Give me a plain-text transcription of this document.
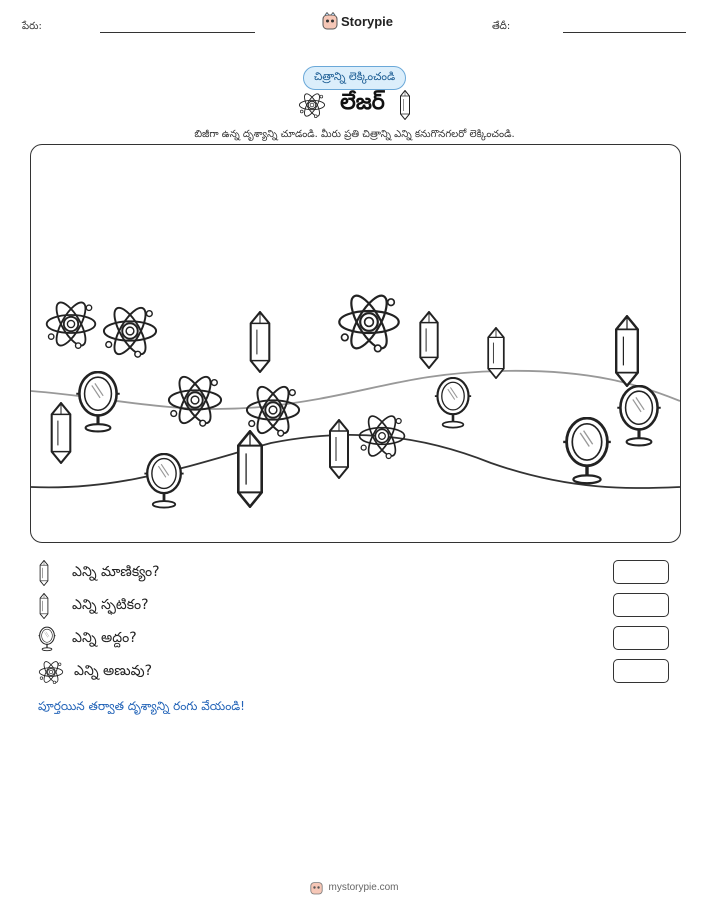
పేరు:	Storypie	తేదీ:
చిత్రాన్ని లెక్కించండి
లేజర్
బిజీగా ఉన్న దృశ్యాన్ని చూడండి. మీరు ప్రతి చిత్రాన్ని ఎన్ని కనుగొనగలరో లెక్కించండి.
ఎన్ని మాణిక్యం?
ఎన్ని స్ఫటికం?
ఎన్ని అద్దం?
ఎన్ని అణువు?
పూర్తయిన తర్వాత దృశ్యాన్ని రంగు వేయండి!
mystorypie.com
